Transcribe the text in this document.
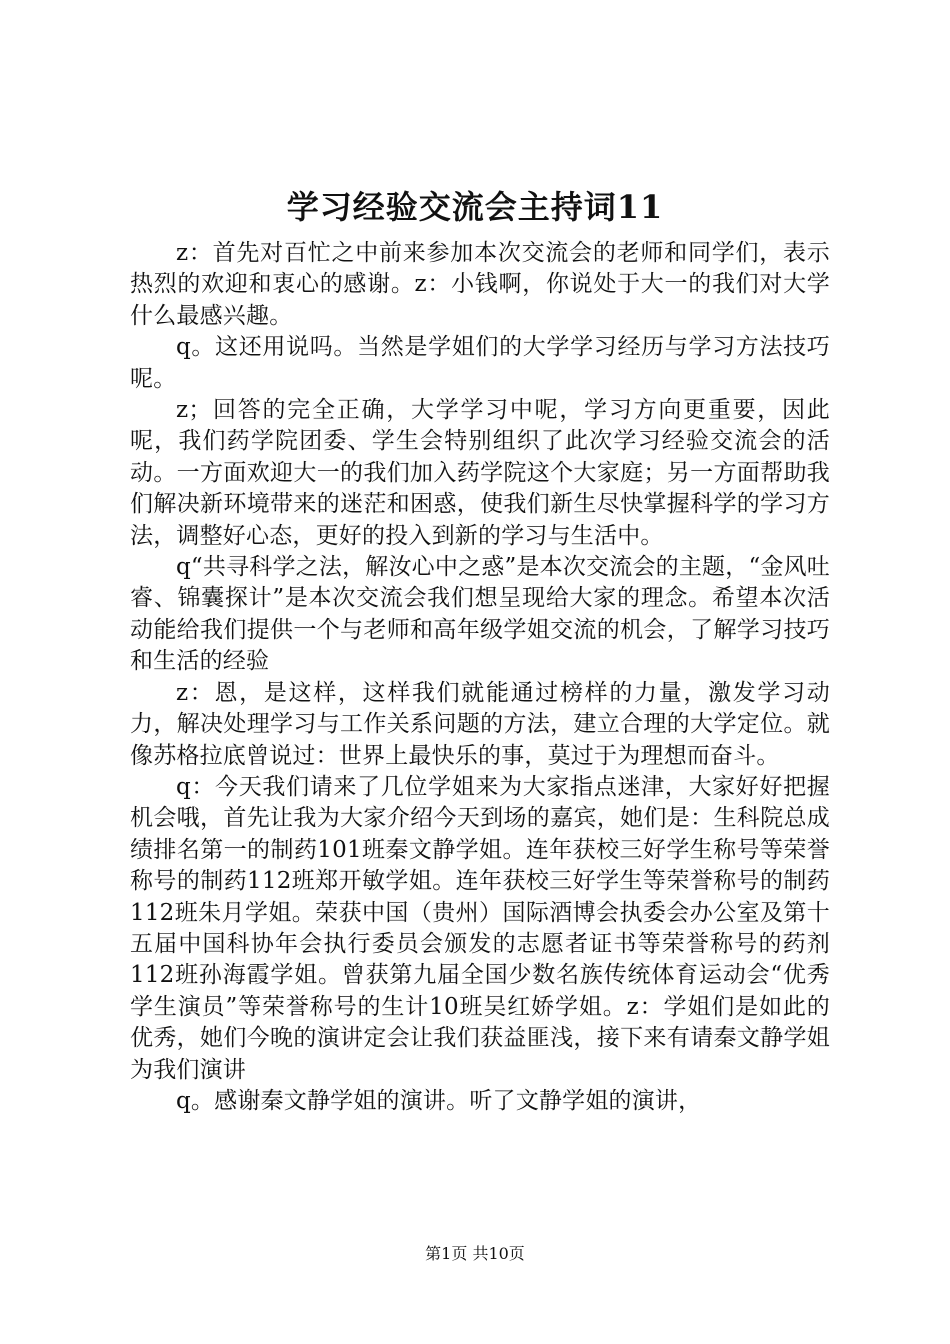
学习经验交流会主持词11

z：首先对百忙之中前来参加本次交流会的老师和同学们，表示热烈的欢迎和衷心的感谢。z：小钱啊，你说处于大一的我们对大学什么最感兴趣。

q。这还用说吗。当然是学姐们的大学学习经历与学习方法技巧呢。

z；回答的完全正确，大学学习中呢，学习方向更重要，因此呢，我们药学院团委、学生会特别组织了此次学习经验交流会的活动。一方面欢迎大一的我们加入药学院这个大家庭；另一方面帮助我们解决新环境带来的迷茫和困惑，使我们新生尽快掌握科学的学习方法，调整好心态，更好的投入到新的学习与生活中。

q“共寻科学之法，解汝心中之惑”是本次交流会的主题，“金风吐睿、锦囊探计”是本次交流会我们想呈现给大家的理念。希望本次活动能给我们提供一个与老师和高年级学姐交流的机会，了解学习技巧和生活的经验

z：恩，是这样，这样我们就能通过榜样的力量，激发学习动力，解决处理学习与工作关系问题的方法，建立合理的大学定位。就像苏格拉底曾说过：世界上最快乐的事，莫过于为理想而奋斗。

q：今天我们请来了几位学姐来为大家指点迷津，大家好好把握机会哦，首先让我为大家介绍今天到场的嘉宾，她们是：生科院总成绩排名第一的制药101班秦文静学姐。连年获校三好学生称号等荣誉称号的制药112班郑开敏学姐。连年获校三好学生等荣誉称号的制药112班朱月学姐。荣获中国（贵州）国际酒博会执委会办公室及第十五届中国科协年会执行委员会颁发的志愿者证书等荣誉称号的药剂112班孙海霞学姐。曾获第九届全国少数名族传统体育运动会“优秀学生演员”等荣誉称号的生计10班吴红娇学姐。z：学姐们是如此的优秀，她们今晚的演讲定会让我们获益匪浅，接下来有请秦文静学姐为我们演讲

q。感谢秦文静学姐的演讲。听了文静学姐的演讲，

第1页 共10页
